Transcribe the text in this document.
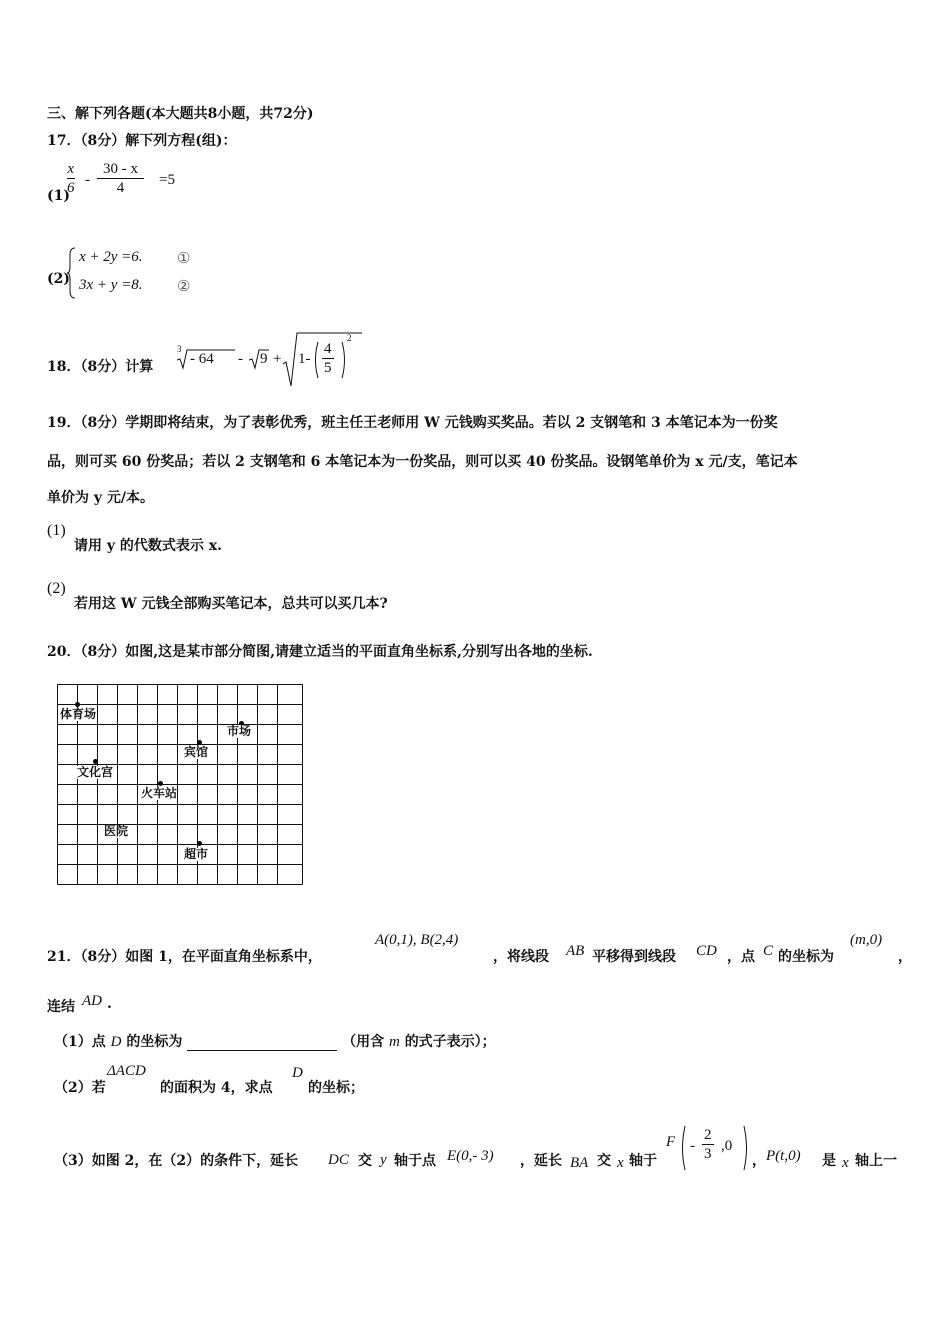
三、解下列各题(本大题共8小题，共72分)
17．（8分）解下列方程(组)：
(1)
$\frac{x}{6} - \frac{30 - x}{4} =5$
(2)
x + 2y =6. ①
3x + y =8. ②
18．（8分）计算
3
- $64 - 9 + 1- \frac{4}{5}$
2
19．（8分）学期即将结束，为了表彰优秀，班主任王老师用 W 元钱购买奖品。若以 2 支钢笔和 3 本笔记本为一份奖
品，则可买 60 份奖品；若以 2 支钢笔和 6 本笔记本为一份奖品，则可以买 40 份奖品。设钢笔单价为 x 元/支，笔记本
单价为 y 元/本。
(1)
请用 y 的代数式表示 x.
(2)
若用这 W 元钱全部购买笔记本，总共可以买几本?
20．（8分）如图,这是某市部分简图,请建立适当的平面直角坐标系,分别写出各地的坐标.
体育场
市场
宾馆
文化宫
火车站
医院
超市
21．（8分）如图 1，在平面直角坐标系中，
A(0,1), B(2,4)
，将线段 AB 平移得到线段 CD ，点 C 的坐标为
(m,0)
，
连结 AD .
（1）点 D 的坐标为	（用含 m 的式子表示）；
（2）若
ΔACD
的面积为 4，求点
D
的坐标；
（3）如图 2，在（2）的条件下，延长 DC 交 y 轴于点 E(0,- 3) ，延长 BA 交 x 轴于
F - $\frac{2}{3} ,0$
， P(t,0) 是 x 轴上一
